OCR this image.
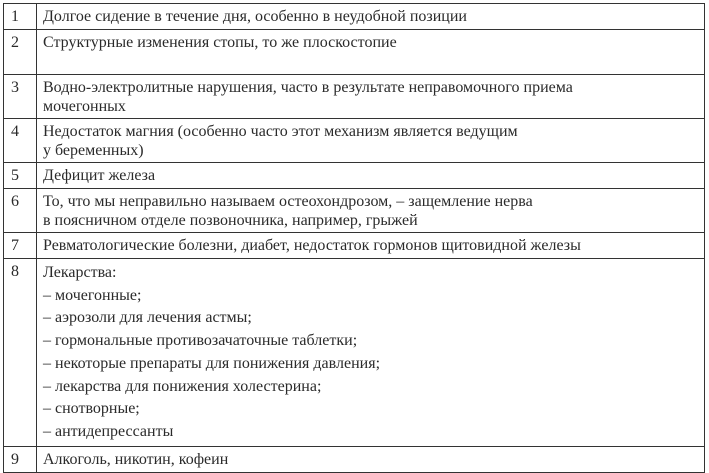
1	Долгое сидение в течение дня, особенно в неудобной позиции

2	Структурные изменения стопы, то же плоскостопие

3	Водно-электролитные нарушения, часто в результате неправомочного приема
мочегонных

4	Недостаток магния (особенно часто этот механизм является ведущим
у беременных)

5	Дефицит железа

6	То, что мы неправильно называем остеохондрозом, – защемление нерва
в поясничном отделе позвоночника, например, грыжей

7	Ревматологические болезни, диабет, недостаток гормонов щитовидной железы

8	Лекарства:
– мочегонные;
– аэрозоли для лечения астмы;
– гормональные противозачаточные таблетки;
– некоторые препараты для понижения давления;
– лекарства для понижения холестерина;
– снотворные;
– антидепрессанты

9	Алкоголь, никотин, кофеин
